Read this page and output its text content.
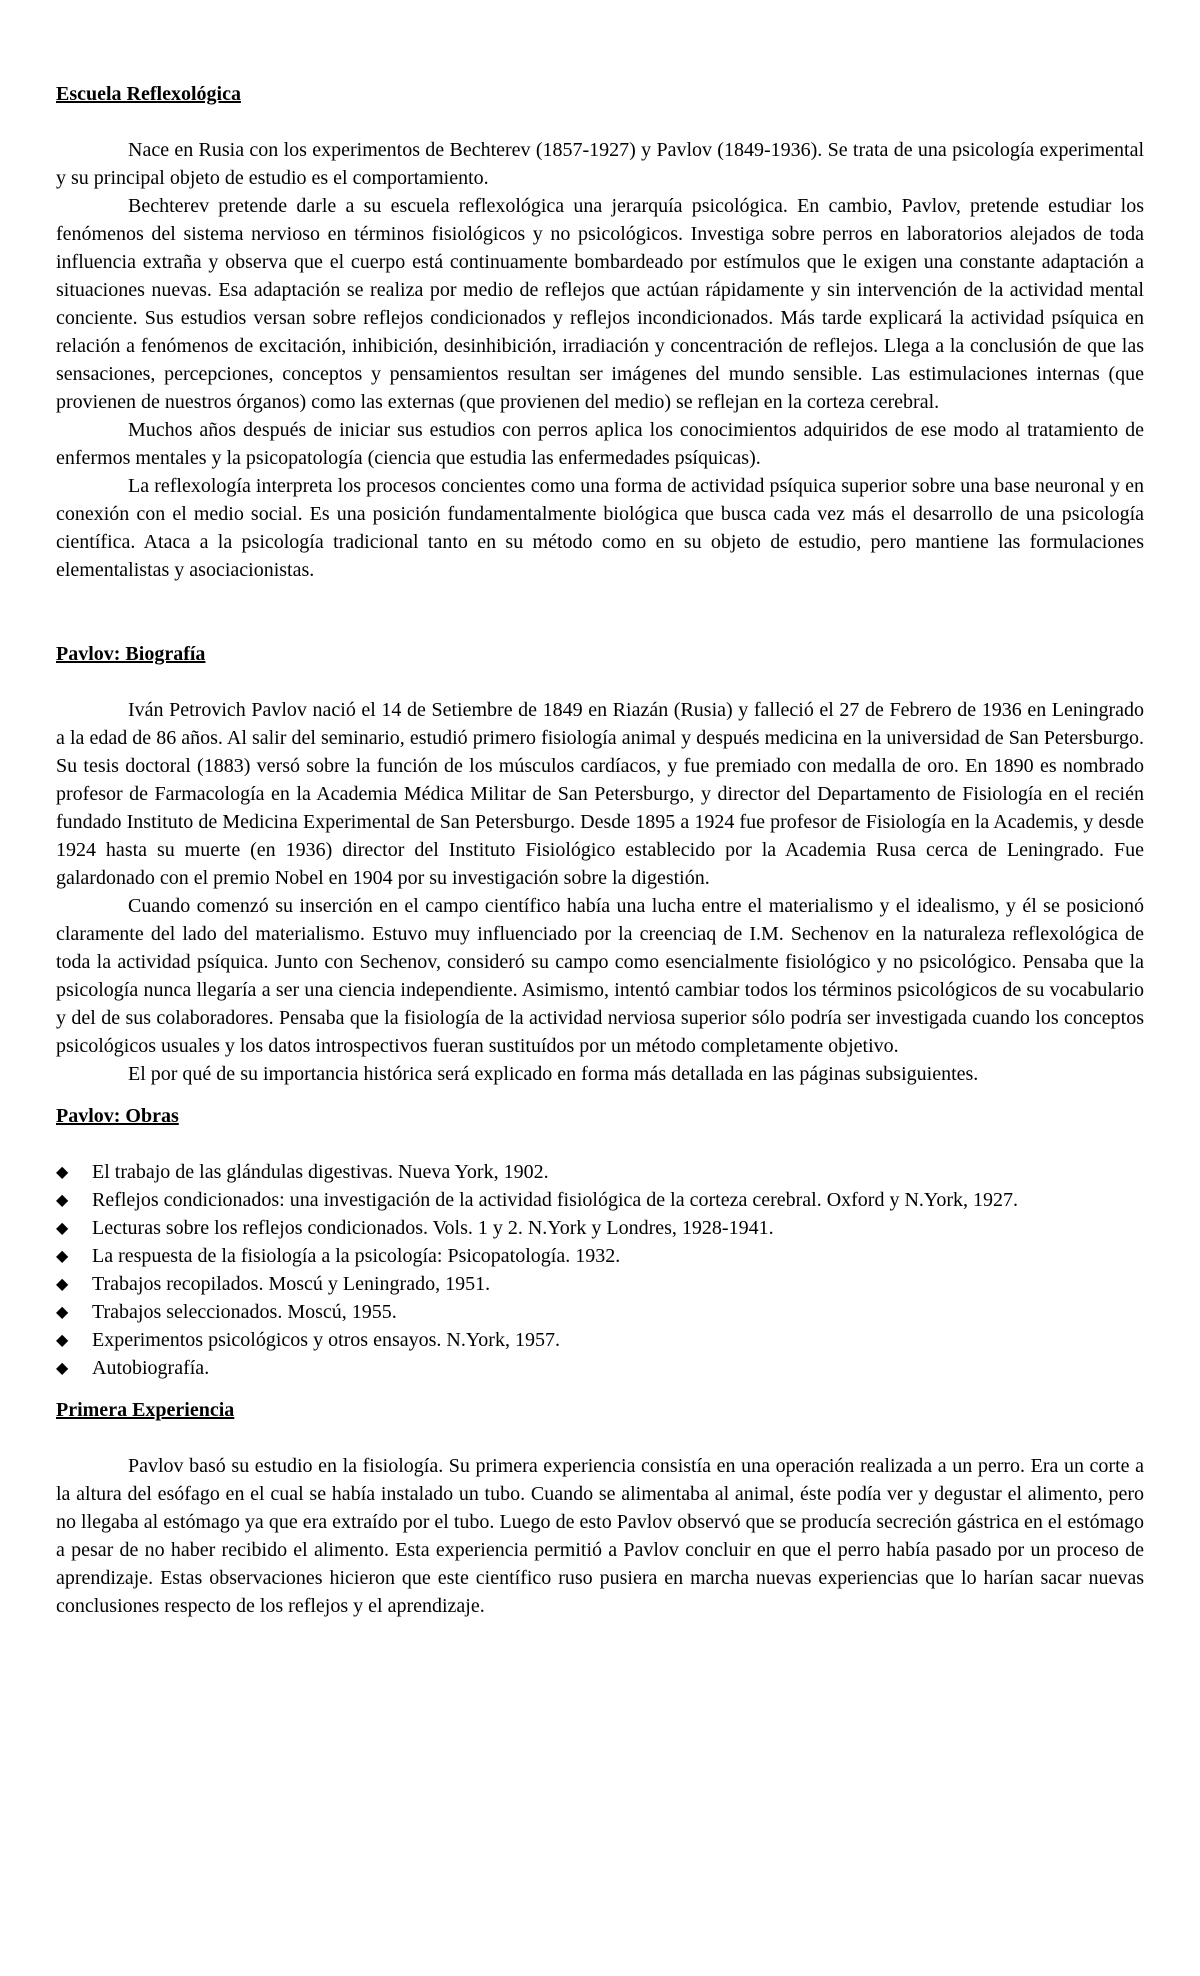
Escuela Reflexológica

Nace en Rusia con los experimentos de Bechterev (1857-1927) y Pavlov (1849-1936). Se trata de una psicología experimental y su principal objeto de estudio es el comportamiento.

Bechterev pretende darle a su escuela reflexológica una jerarquía psicológica. En cambio, Pavlov, pretende estudiar los fenómenos del sistema nervioso en términos fisiológicos y no psicológicos. Investiga sobre perros en laboratorios alejados de toda influencia extraña y observa que el cuerpo está continuamente bombardeado por estímulos que le exigen una constante adaptación a situaciones nuevas. Esa adaptación se realiza por medio de reflejos que actúan rápidamente y sin intervención de la actividad mental conciente. Sus estudios versan sobre reflejos condicionados y reflejos incondicionados. Más tarde explicará la actividad psíquica en relación a fenómenos de excitación, inhibición, desinhibición, irradiación y concentración de reflejos. Llega a la conclusión de que las sensaciones, percepciones, conceptos y pensamientos resultan ser imágenes del mundo sensible. Las estimulaciones internas (que provienen de nuestros órganos) como las externas (que provienen del medio) se reflejan en la corteza cerebral.

Muchos años después de iniciar sus estudios con perros aplica los conocimientos adquiridos de ese modo al tratamiento de enfermos mentales y la psicopatología (ciencia que estudia las enfermedades psíquicas).

La reflexología interpreta los procesos concientes como una forma de actividad psíquica superior sobre una base neuronal y en conexión con el medio social. Es una posición fundamentalmente biológica que busca cada vez más el desarrollo de una psicología científica. Ataca a la psicología tradicional tanto en su método como en su objeto de estudio, pero mantiene las formulaciones elementalistas y asociacionistas.

Pavlov: Biografía

Iván Petrovich Pavlov nació el 14 de Setiembre de 1849 en Riazán (Rusia) y falleció el 27 de Febrero de 1936 en Leningrado a la edad de 86 años. Al salir del seminario, estudió primero fisiología animal y después medicina en la universidad de San Petersburgo. Su tesis doctoral (1883) versó sobre la función de los músculos cardíacos, y fue premiado con medalla de oro. En 1890 es nombrado profesor de Farmacología en la Academia Médica Militar de San Petersburgo, y director del Departamento de Fisiología en el recién fundado Instituto de Medicina Experimental de San Petersburgo. Desde 1895 a 1924 fue profesor de Fisiología en la Academis, y desde 1924 hasta su muerte (en 1936) director del Instituto Fisiológico establecido por la Academia Rusa cerca de Leningrado. Fue galardonado con el premio Nobel en 1904 por su investigación sobre la digestión.

Cuando comenzó su inserción en el campo científico había una lucha entre el materialismo y el idealismo, y él se posicionó claramente del lado del materialismo. Estuvo muy influenciado por la creenciaq de I.M. Sechenov en la naturaleza reflexológica de toda la actividad psíquica. Junto con Sechenov, consideró su campo como esencialmente fisiológico y no psicológico. Pensaba que la psicología nunca llegaría a ser una ciencia independiente. Asimismo, intentó cambiar todos los términos psicológicos de su vocabulario y del de sus colaboradores. Pensaba que la fisiología de la actividad nerviosa superior sólo podría ser investigada cuando los conceptos psicológicos usuales y los datos introspectivos fueran sustituídos por un método completamente objetivo.

El por qué de su importancia histórica será explicado en forma más detallada en las páginas subsiguientes.

Pavlov: Obras
◆ El trabajo de las glándulas digestivas. Nueva York, 1902.
◆ Reflejos condicionados: una investigación de la actividad fisiológica de la corteza cerebral. Oxford y N.York, 1927.
◆ Lecturas sobre los reflejos condicionados. Vols. 1 y 2. N.York y Londres, 1928-1941.
◆ La respuesta de la fisiología a la psicología: Psicopatología. 1932.
◆ Trabajos recopilados. Moscú y Leningrado, 1951.
◆ Trabajos seleccionados. Moscú, 1955.
◆ Experimentos psicológicos y otros ensayos. N.York, 1957.
◆ Autobiografía.
Primera Experiencia

Pavlov basó su estudio en la fisiología. Su primera experiencia consistía en una operación realizada a un perro. Era un corte a la altura del esófago en el cual se había instalado un tubo. Cuando se alimentaba al animal, éste podía ver y degustar el alimento, pero no llegaba al estómago ya que era extraído por el tubo. Luego de esto Pavlov observó que se producía secreción gástrica en el estómago a pesar de no haber recibido el alimento. Esta experiencia permitió a Pavlov concluir en que el perro había pasado por un proceso de aprendizaje. Estas observaciones hicieron que este científico ruso pusiera en marcha nuevas experiencias que lo harían sacar nuevas conclusiones respecto de los reflejos y el aprendizaje.
